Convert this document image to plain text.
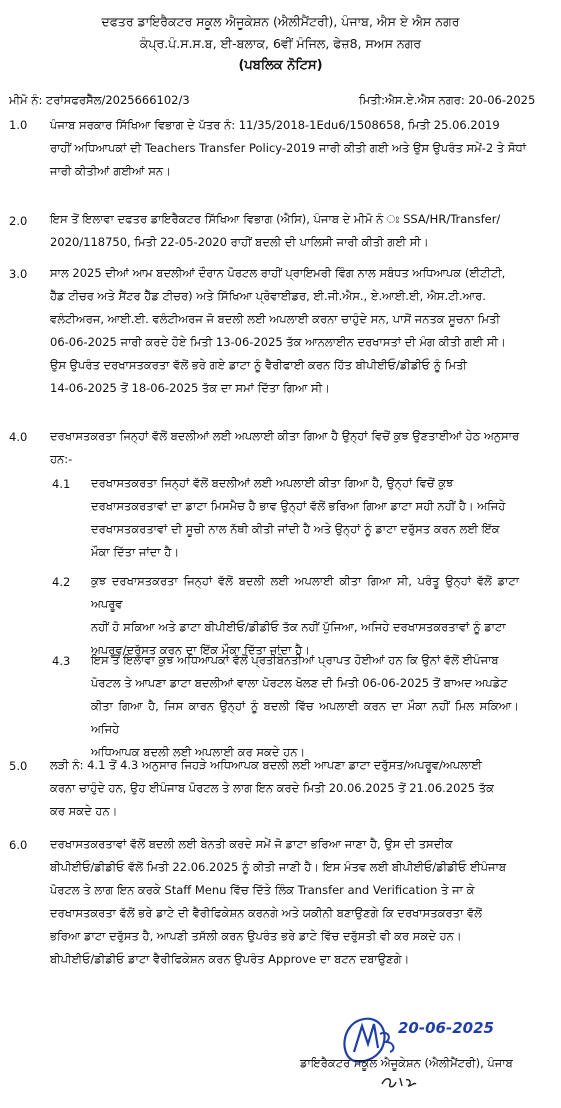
ਦਫਤਰ ਡਾਇਰੈਕਟਰ ਸਕੂਲ ਐਜੂਕੇਸ਼ਨ (ਐਲੀਮੈਂਟਰੀ), ਪੰਜਾਬ, ਐਸ ਏ ਐਸ ਨਗਰ
ਕੰਪ੍ਰ.ਪੰ.ਸ.ਸ.ਬ, ਈ-ਬਲਾਕ, 6ਵੀਂ ਮੰਜਿਲ, ਫੇਜ਼8, ਸਅਸ ਨਗਰ
(ਪਬਲਿਕ ਨੋਟਿਸ)
ਮੀਮੋ ਨੰ: ਟਰਾਂਸਫਰਸੈੱਲ/2025666102/3	ਮਿਤੀ:ਐਸ.ਏ.ਐਸ ਨਗਰ: 20-06-2025
1.0 ਪੰਜਾਬ ਸਰਕਾਰ ਸਿੱਖਿਆ ਵਿਭਾਗ ਦੇ ਪੱਤਰ ਨੰ: 11/35/2018-1Edu6/1508658, ਮਿਤੀ 25.06.2019
ਰਾਹੀਂ ਅਧਿਆਪਕਾਂ ਦੀ Teachers Transfer Policy-2019 ਜਾਰੀ ਕੀਤੀ ਗਈ ਅਤੇ ਉਸ ਉਪਰੰਤ ਸਮੇਂ-2 ਤੇ ਸੋਧਾਂ
ਜਾਰੀ ਕੀਤੀਆਂ ਗਈਆਂ ਸਨ।
2.0 ਇਸ ਤੋਂ ਇਲਾਵਾ ਦਫਤਰ ਡਾਇਰੈਕਟਰ ਸਿੱਖਿਆ ਵਿਭਾਗ (ਐਸਿ), ਪੰਜਾਬ ਦੇ ਮੀਮੋ ਨੰ ਃ SSA/HR/Transfer/
2020/118750, ਮਿਤੀ 22-05-2020 ਰਾਹੀਂ ਬਦਲੀ ਦੀ ਪਾਲਿਸੀ ਜਾਰੀ ਕੀਤੀ ਗਈ ਸੀ।
3.0 ਸਾਲ 2025 ਦੀਆਂ ਆਮ ਬਦਲੀਆਂ ਦੌਰਾਨ ਪੋਰਟਲ ਰਾਹੀਂ ਪ੍ਰਾਇਮਰੀ ਵਿੰਗ ਨਾਲ ਸਬੰਧਤ ਅਧਿਆਪਕ (ਈਟੀਟੀ,
ਹੈੱਡ ਟੀਚਰ ਅਤੇ ਸੈਂਟਰ ਹੈੱਡ ਟੀਚਰ) ਅਤੇ ਸਿੱਖਿਆ ਪ੍ਰੋਵਾਈਡਰ, ਈ.ਜੀ.ਐਸ., ਏ.ਆਈ.ਈ, ਐਸ.ਟੀ.ਆਰ.
ਵਲੰਟੀਅਰਜ, ਆਈ.ਈ. ਵਲੰਟੀਅਰਜ ਜੋ ਬਦਲੀ ਲਈ ਅਪਲਾਈ ਕਰਨਾ ਚਾਹੁੰਦੇ ਸਨ, ਪਾਸੋਂ ਜਨਤਕ ਸੂਚਨਾ ਮਿਤੀ
06-06-2025 ਜਾਰੀ ਕਰਦੇ ਹੋਏ ਮਿਤੀ 13-06-2025 ਤੱਕ ਆਨਲਾਈਨ ਦਰਖਾਸਤਾਂ ਦੀ ਮੰਗ ਕੀਤੀ ਗਈ ਸੀ।
ਉਸ ਉਪਰੰਤ ਦਰਖਾਸਤਕਰਤਾ ਵੱਲੋਂ ਭਰੇ ਗਏ ਡਾਟਾ ਨੂੰ ਵੈਰੀਫਾਈ ਕਰਨ ਹਿੱਤ ਬੀਪੀਈਓ/ਡੀਡੀਓ ਨੂੰ ਮਿਤੀ
14-06-2025 ਤੋਂ 18-06-2025 ਤੱਕ ਦਾ ਸਮਾਂ ਦਿੱਤਾ ਗਿਆ ਸੀ।
4.0 ਦਰਖਾਸਤਕਰਤਾ ਜਿਨ੍ਹਾਂ ਵੱਲੋਂ ਬਦਲੀਆਂ ਲਈ ਅਪਲਾਈ ਕੀਤਾ ਗਿਆ ਹੈ ਉਨ੍ਹਾਂ ਵਿਚੋਂ ਕੁਝ ਉਣਤਾਈਆਂ ਹੇਠ ਅਨੁਸਾਰ
ਹਨ:-
4.1 ਦਰਖਾਸਤਕਰਤਾ ਜਿਨ੍ਹਾਂ ਵੱਲੋਂ ਬਦਲੀਆਂ ਲਈ ਅਪਲਾਈ ਕੀਤਾ ਗਿਆ ਹੈ, ਉਨ੍ਹਾਂ ਵਿਚੋਂ ਕੁਝ
ਦਰਖਾਸਤਕਰਤਾਵਾਂ ਦਾ ਡਾਟਾ ਮਿਸਮੈਚ ਹੈ ਭਾਵ ਉਨ੍ਹਾਂ ਵੱਲੋਂ ਭਰਿਆ ਗਿਆ ਡਾਟਾ ਸਹੀ ਨਹੀਂ ਹੈ। ਅਜਿਹੇ
ਦਰਖਾਸਤਕਰਤਾਵਾਂ ਦੀ ਸੂਚੀ ਨਾਲ ਨੱਥੀ ਕੀਤੀ ਜਾਂਦੀ ਹੈ ਅਤੇ ਉਨ੍ਹਾਂ ਨੂੰ ਡਾਟਾ ਦਰੁੱਸਤ ਕਰਨ ਲਈ ਇੱਕ
ਮੌਕਾ ਦਿੱਤਾ ਜਾਂਦਾ ਹੈ।
4.2 ਕੁਝ ਦਰਖਾਸਤਕਰਤਾ ਜਿਨ੍ਹਾਂ ਵੱਲੋਂ ਬਦਲੀ ਲਈ ਅਪਲਾਈ ਕੀਤਾ ਗਿਆ ਸੀ, ਪਰੰਤੂ ਉਨ੍ਹਾਂ ਵੱਲੋਂ ਡਾਟਾ ਅਪਰੂਵ
ਨਹੀਂ ਹੋ ਸਕਿਆ ਅਤੇ ਡਾਟਾ ਬੀਪੀਈਓ/ਡੀਡੀਓ ਤੱਕ ਨਹੀਂ ਪੁੱਜਿਆ, ਅਜਿਹੇ ਦਰਖਾਸਤਕਰਤਾਵਾਂ ਨੂੰ ਡਾਟਾ
ਅਪਰੂਵ/ਦਰੁੱਸਤ ਕਰਨ ਦਾ ਇੱਕ ਮੌਕਾ ਦਿੱਤਾ ਜਾਂਦਾ ਹੈ।
4.3 ਇਸ ਤੋਂ ਇਲਾਵਾ ਕੁਝ ਅਧਿਆਪਕਾਂ ਵੱਲੋਂ ਪ੍ਰਤੀਬੇਨਤੀਆਂ ਪ੍ਰਾਪਤ ਹੋਈਆਂ ਹਨ ਕਿ ਉਨਾਂ ਵੱਲੋਂ ਈਪੰਜਾਬ
ਪੋਰਟਲ ਤੇ ਆਪਣਾ ਡਾਟਾ ਬਦਲੀਆਂ ਵਾਲਾ ਪੋਰਟਲ ਖੋਲਣ ਦੀ ਮਿਤੀ 06-06-2025 ਤੋਂ ਬਾਅਦ ਅਪਡੇਟ
ਕੀਤਾ ਗਿਆ ਹੈ, ਜਿਸ ਕਾਰਨ ਉਨ੍ਹਾਂ ਨੂੰ ਬਦਲੀ ਵਿੱਚ ਅਪਲਾਈ ਕਰਨ ਦਾ ਮੌਕਾ ਨਹੀਂ ਮਿਲ ਸਕਿਆ। ਅਜਿਹੇ
ਅਧਿਆਪਕ ਬਦਲੀ ਲਈ ਅਪਲਾਈ ਕਰ ਸਕਦੇ ਹਨ।
5.0 ਲੜੀ ਨੰ: 4.1 ਤੋਂ 4.3 ਅਨੁਸਾਰ ਜਿਹੜੇ ਅਧਿਆਪਕ ਬਦਲੀ ਲਈ ਆਪਣਾ ਡਾਟਾ ਦਰੁੱਸਤ/ਅਪਰੂਵ/ਅਪਲਾਈ
ਕਰਨਾ ਚਾਹੁੰਦੇ ਹਨ, ਉਹ ਈਪੰਜਾਬ ਪੋਰਟਲ ਤੇ ਲਾਗ ਇਨ ਕਰਦੇ ਮਿਤੀ 20.06.2025 ਤੋਂ 21.06.2025 ਤੱਕ
ਕਰ ਸਕਦੇ ਹਨ।
6.0 ਦਰਖਾਸਤਕਰਤਾਵਾਂ ਵੱਲੋਂ ਬਦਲੀ ਲਈ ਬੇਨਤੀ ਕਰਦੇ ਸਮੇਂ ਜੋ ਡਾਟਾ ਭਰਿਆ ਜਾਣਾ ਹੈ, ਉਸ ਦੀ ਤਸਦੀਕ
ਬੀਪੀਈਓ/ਡੀਡੀਓ ਵੱਲੋਂ ਮਿਤੀ 22.06.2025 ਨੂੰ ਕੀਤੀ ਜਾਣੀ ਹੈ। ਇਸ ਮੰਤਵ ਲਈ ਬੀਪੀਈਓ/ਡੀਡੀਓ ਈਪੰਜਾਬ
ਪੋਰਟਲ ਤੇ ਲਾਗ ਇਨ ਕਰਕੇ Staff Menu ਵਿੱਚ ਦਿੱਤੇ ਲਿੰਕ Transfer and Verification ਤੇ ਜਾ ਕੇ
ਦਰਖਾਸਤਕਰਤਾ ਵੱਲੋਂ ਭਰੇ ਡਾਟੇ ਦੀ ਵੈਰੀਫਿਕੇਸ਼ਨ ਕਰਨਗੇ ਅਤੇ ਯਕੀਨੀ ਬਣਾਉਣਗੇ ਕਿ ਦਰਖਾਸਤਕਰਤਾ ਵੱਲੋਂ
ਭਰਿਆ ਡਾਟਾ ਦਰੁੱਸਤ ਹੈ, ਆਪਣੀ ਤਸੱਲੀ ਕਰਨ ਉਪਰੰਤ ਭਰੇ ਡਾਟੇ ਵਿੱਚ ਦਰੁੱਸਤੀ ਵੀ ਕਰ ਸਕਦੇ ਹਨ।
ਬੀਪੀਈਓ/ਡੀਡੀਓ ਡਾਟਾ ਵੈਰੀਫਿਕੇਸ਼ਨ ਕਰਨ ਉਪਰੰਤ Approve ਦਾ ਬਟਨ ਦਬਾਉਣਗੇ।
20-06-2025
ਡਾਇਰੈਕਟਰ ਸਕੂਲ ਐਜੂਕੇਸ਼ਨ (ਐਲੀਮੈਂਟਰੀ), ਪੰਜਾਬ
